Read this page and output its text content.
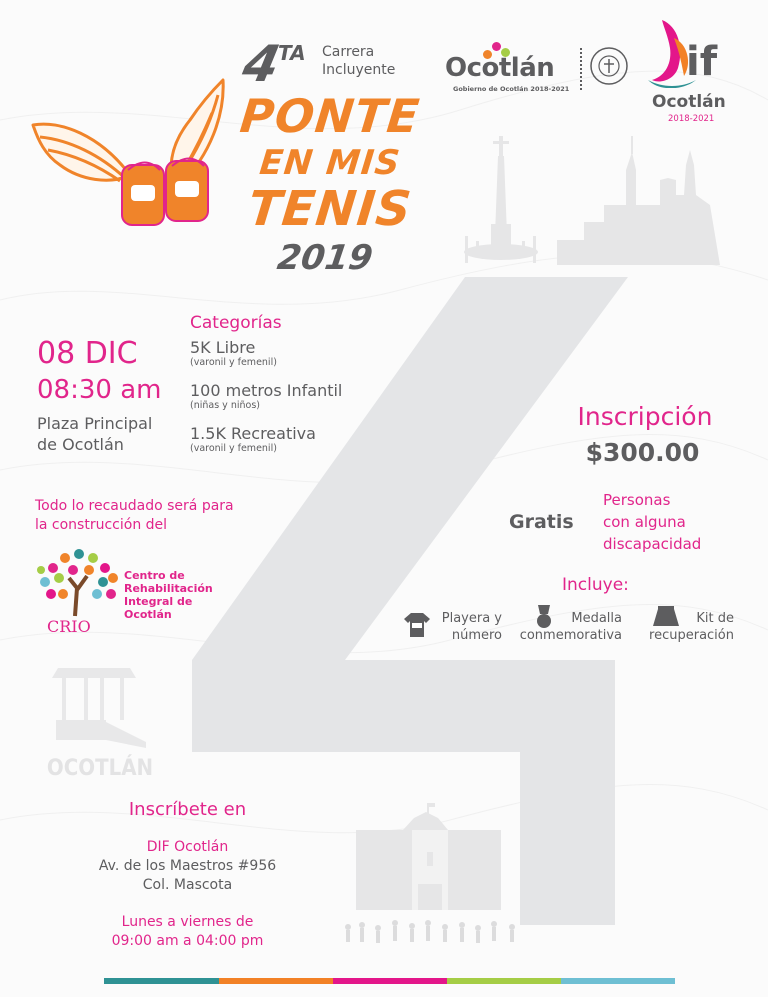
OCOTLÁN
4
TA Carrera
Incluyente
PONTE
EN MIS
TENIS
2019
Ocotlán
Gobierno de Ocotlán 2018-2021
if
Ocotlán
2018-2021
08 DIC
08:30 am
Plaza Principal
de Ocotlán
Categorías
5K Libre
(varonil y femenil)
100 metros Infantil
(niñas y niños)
1.5K Recreativa
(varonil y femenil)
Todo lo recaudado será para
la construcción del
CRIO
Centro de
Rehabilitación
Integral de
Ocotlán
Inscripción
$300.00
Gratis
Personas
con alguna
discapacidad
Incluye:
Playera y
número
Medalla
conmemorativa
Kit de
recuperación
Inscríbete en
DIF Ocotlán
Av. de los Maestros #956
Col. Mascota
Lunes a viernes de
09:00 am a 04:00 pm
